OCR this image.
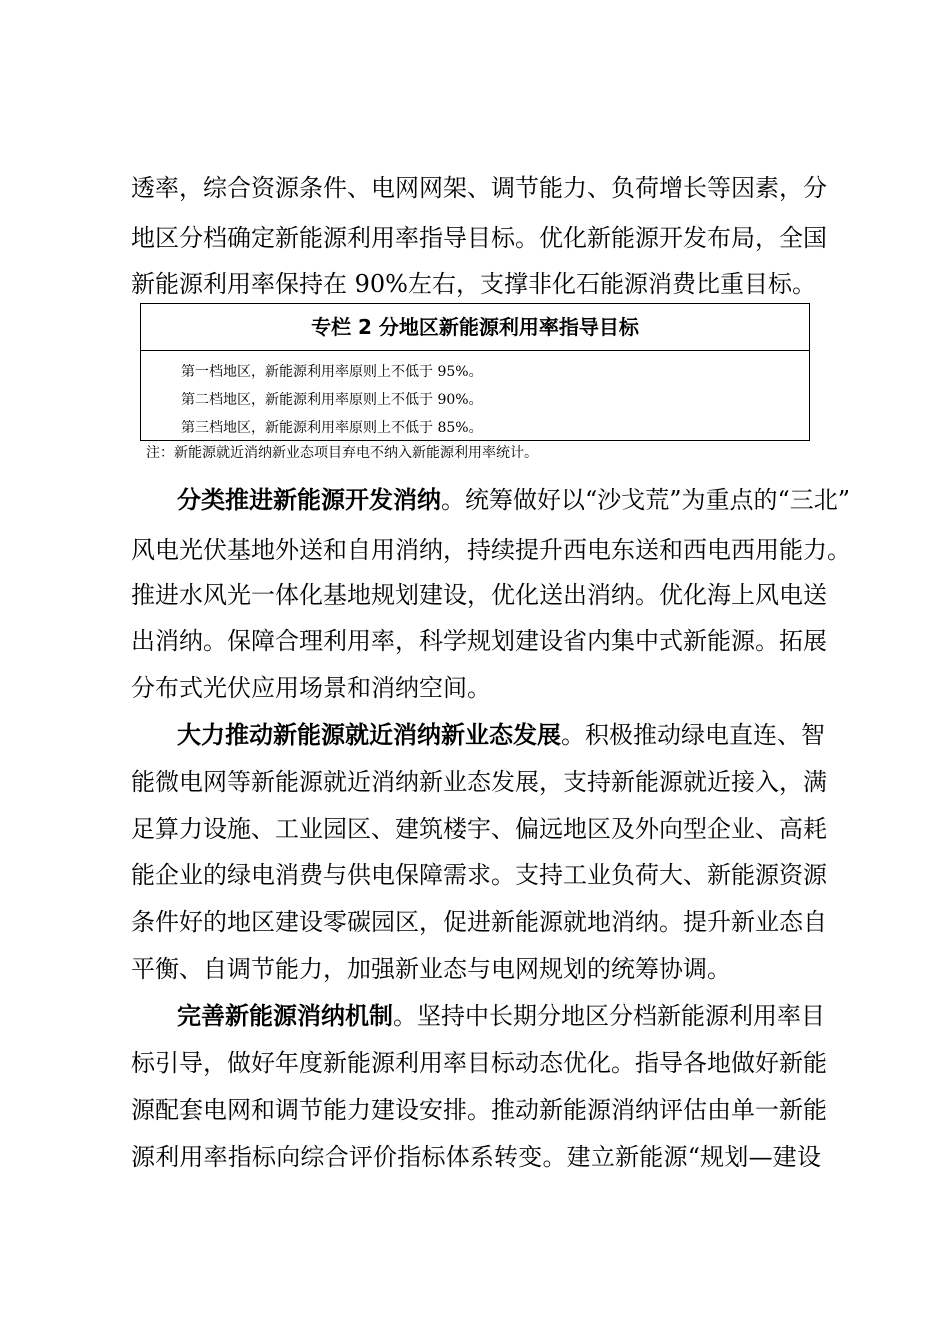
透率，综合资源条件、电网网架、调节能力、负荷增长等因素，分
地区分档确定新能源利用率指导目标。优化新能源开发布局，全国
新能源利用率保持在 90%左右，支撑非化石能源消费比重目标。
专栏 2 分地区新能源利用率指导目标
第一档地区，新能源利用率原则上不低于 95%。
第二档地区，新能源利用率原则上不低于 90%。
第三档地区，新能源利用率原则上不低于 85%。
注：新能源就近消纳新业态项目弃电不纳入新能源利用率统计。
分类推进新能源开发消纳。统筹做好以“沙戈荒”为重点的“三北”
风电光伏基地外送和自用消纳，持续提升西电东送和西电西用能力。
推进水风光一体化基地规划建设，优化送出消纳。优化海上风电送
出消纳。保障合理利用率，科学规划建设省内集中式新能源。拓展
分布式光伏应用场景和消纳空间。
大力推动新能源就近消纳新业态发展。积极推动绿电直连、智
能微电网等新能源就近消纳新业态发展，支持新能源就近接入，满
足算力设施、工业园区、建筑楼宇、偏远地区及外向型企业、高耗
能企业的绿电消费与供电保障需求。支持工业负荷大、新能源资源
条件好的地区建设零碳园区，促进新能源就地消纳。提升新业态自
平衡、自调节能力，加强新业态与电网规划的统筹协调。
完善新能源消纳机制。坚持中长期分地区分档新能源利用率目
标引导，做好年度新能源利用率目标动态优化。指导各地做好新能
源配套电网和调节能力建设安排。推动新能源消纳评估由单一新能
源利用率指标向综合评价指标体系转变。建立新能源“规划—建设
